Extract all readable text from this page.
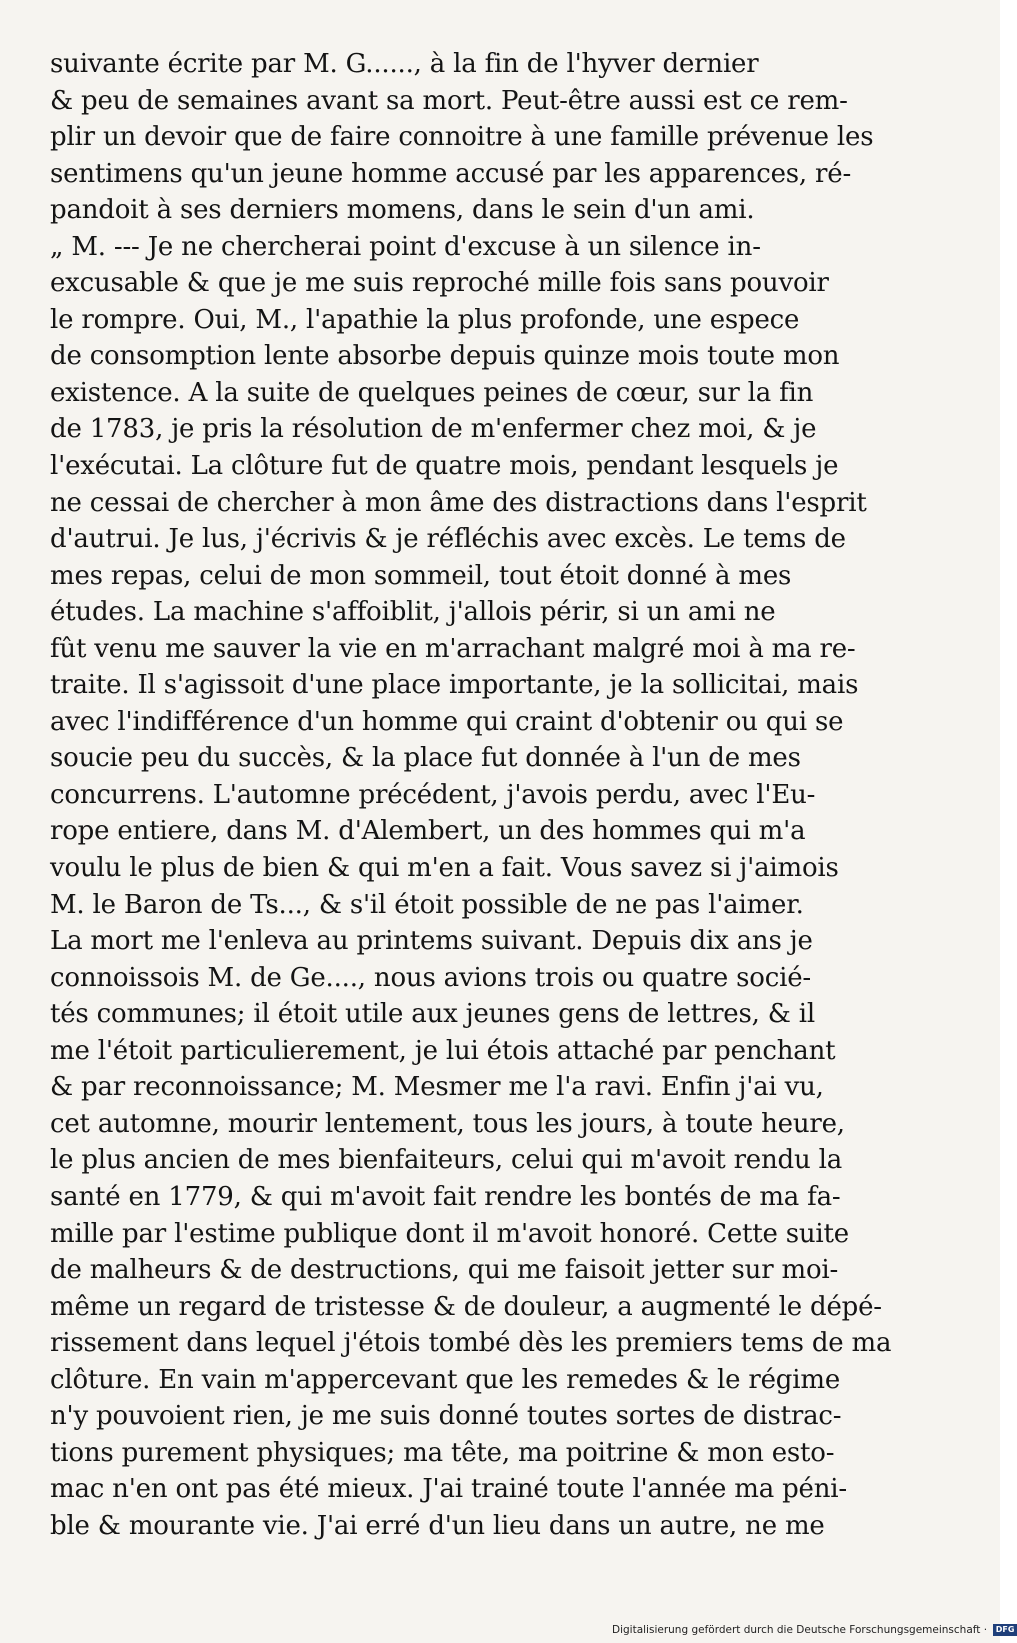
suivante écrite par M. G......, à la fin de l'hyver dernier
& peu de semaines avant sa mort. Peut-être aussi est ce rem-
plir un devoir que de faire connoitre à une famille prévenue les
sentimens qu'un jeune homme accusé par les apparences, ré-
pandoit à ses derniers momens, dans le sein d'un ami.
„ M. --- Je ne chercherai point d'excuse à un silence in-
excusable & que je me suis reproché mille fois sans pouvoir
le rompre. Oui, M., l'apathie la plus profonde, une espece
de consomption lente absorbe depuis quinze mois toute mon
existence. A la suite de quelques peines de cœur, sur la fin
de 1783, je pris la résolution de m'enfermer chez moi, & je
l'exécutai. La clôture fut de quatre mois, pendant lesquels je
ne cessai de chercher à mon âme des distractions dans l'esprit
d'autrui. Je lus, j'écrivis & je réfléchis avec excès. Le tems de
mes repas, celui de mon sommeil, tout étoit donné à mes
études. La machine s'affoiblit, j'allois périr, si un ami ne
fût venu me sauver la vie en m'arrachant malgré moi à ma re-
traite. Il s'agissoit d'une place importante, je la sollicitai, mais
avec l'indifférence d'un homme qui craint d'obtenir ou qui se
soucie peu du succès, & la place fut donnée à l'un de mes
concurrens. L'automne précédent, j'avois perdu, avec l'Eu-
rope entiere, dans M. d'Alembert, un des hommes qui m'a
voulu le plus de bien & qui m'en a fait. Vous savez si j'aimois
M. le Baron de Ts..., & s'il étoit possible de ne pas l'aimer.
La mort me l'enleva au printems suivant. Depuis dix ans je
connoissois M. de Ge...., nous avions trois ou quatre socié-
tés communes; il étoit utile aux jeunes gens de lettres, & il
me l'étoit particulierement, je lui étois attaché par penchant
& par reconnoissance; M. Mesmer me l'a ravi. Enfin j'ai vu,
cet automne, mourir lentement, tous les jours, à toute heure,
le plus ancien de mes bienfaiteurs, celui qui m'avoit rendu la
santé en 1779, & qui m'avoit fait rendre les bontés de ma fa-
mille par l'estime publique dont il m'avoit honoré. Cette suite
de malheurs & de destructions, qui me faisoit jetter sur moi-
même un regard de tristesse & de douleur, a augmenté le dépé-
rissement dans lequel j'étois tombé dès les premiers tems de ma
clôture. En vain m'appercevant que les remedes & le régime
n'y pouvoient rien, je me suis donné toutes sortes de distrac-
tions purement physiques; ma tête, ma poitrine & mon esto-
mac n'en ont pas été mieux. J'ai trainé toute l'année ma péni-
ble & mourante vie. J'ai erré d'un lieu dans un autre, ne me
Digitalisierung gefördert durch die Deutsche Forschungsgemeinschaft ·	DFG
